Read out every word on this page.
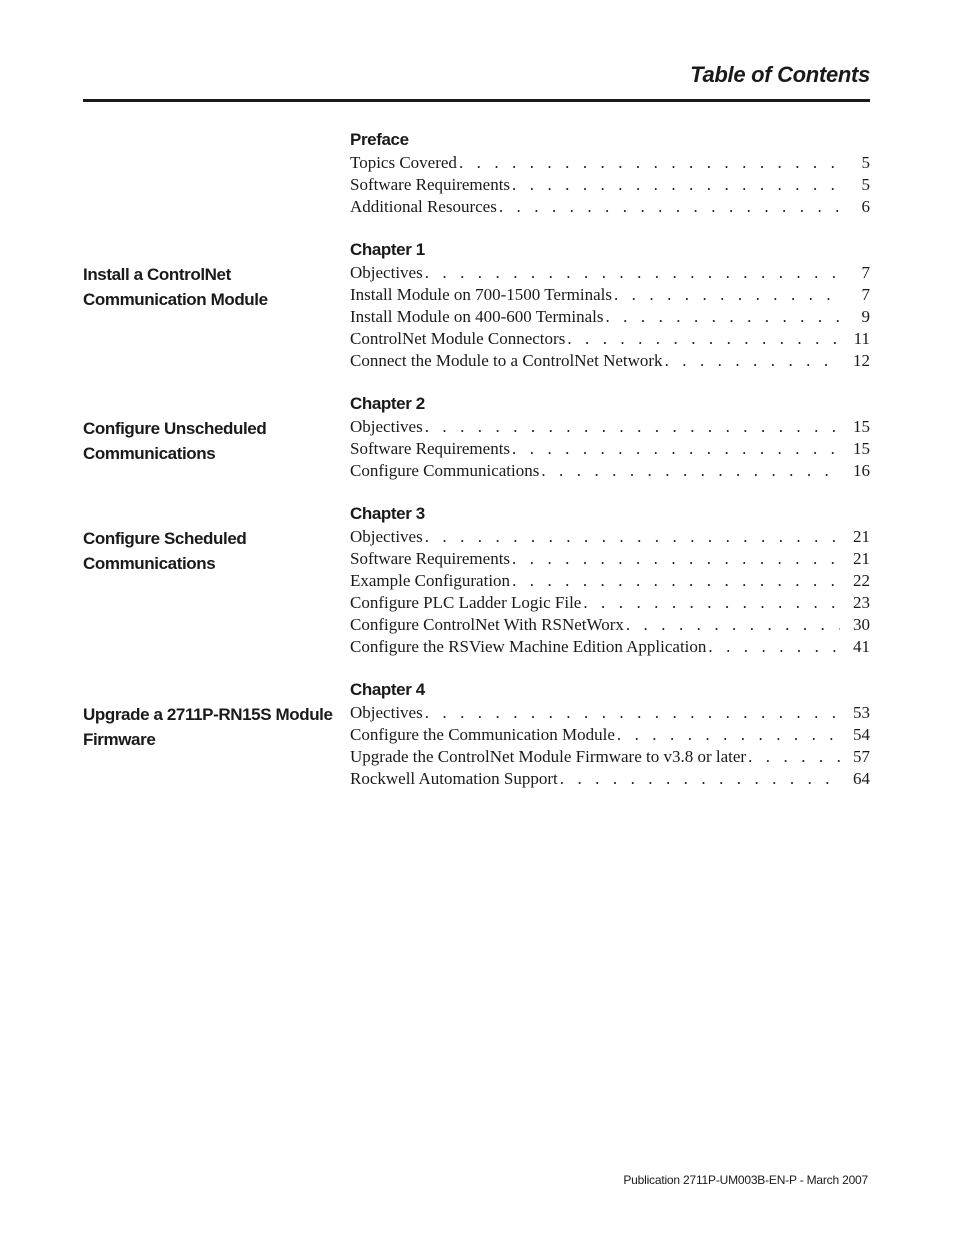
Table of Contents
Preface
Topics Covered . . .	5
Software Requirements . . .	5
Additional Resources . . .	6
Chapter 1
Install a ControlNet Communication Module
Objectives . . .	7
Install Module on 700-1500 Terminals . . .	7
Install Module on 400-600 Terminals . . .	9
ControlNet Module Connectors . . .	11
Connect the Module to a ControlNet Network . . .	12
Chapter 2
Configure Unscheduled Communications
Objectives . . .	15
Software Requirements . . .	15
Configure Communications . . .	16
Chapter 3
Configure Scheduled Communications
Objectives . . .	21
Software Requirements . . .	21
Example Configuration . . .	22
Configure PLC Ladder Logic File . . .	23
Configure ControlNet With RSNetWorx . . .	30
Configure the RSView Machine Edition Application . . .	41
Chapter 4
Upgrade a 2711P-RN15S Module Firmware
Objectives . . .	53
Configure the Communication Module . . .	54
Upgrade the ControlNet Module Firmware to v3.8 or later . . .	57
Rockwell Automation Support . . .	64
Publication 2711P-UM003B-EN-P - March 2007
